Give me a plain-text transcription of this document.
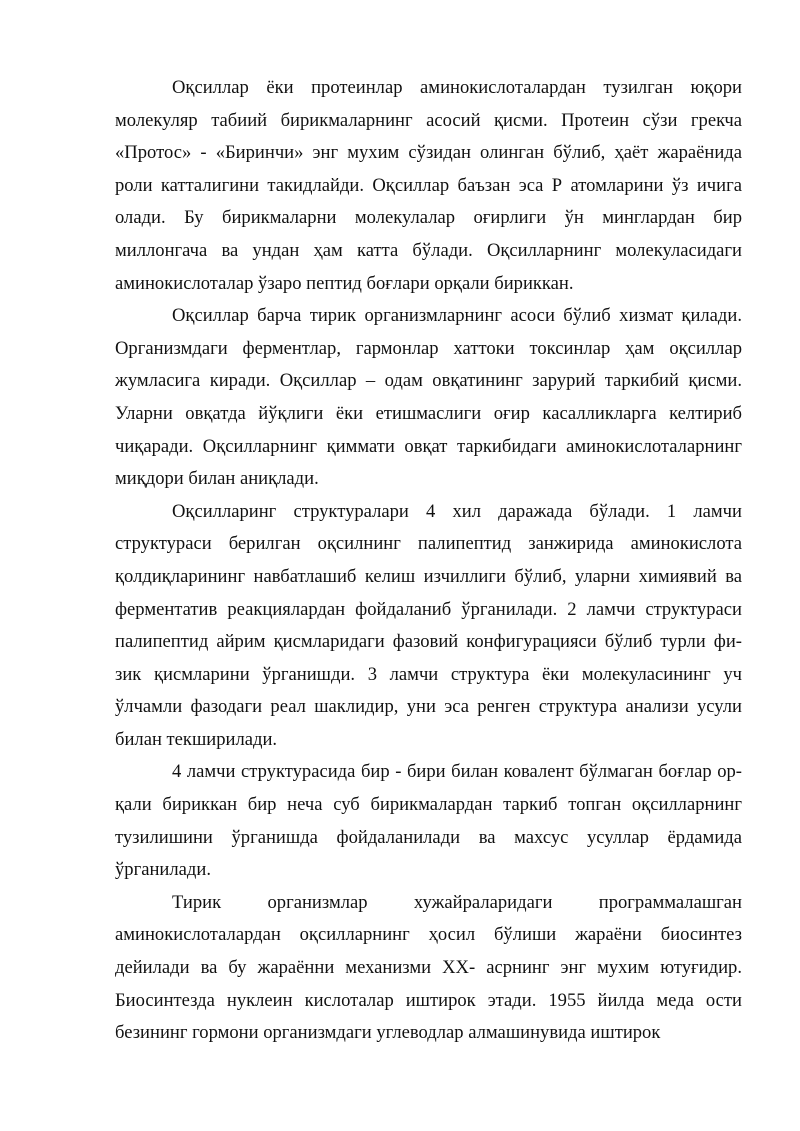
Оқсиллар ёки протеинлар аминокислоталардан тузилган юқори молекуляр табиий бирикмаларнинг асосий қисми. Протеин сўзи грекча «Протос» - «Биринчи» энг мухим сўзидан олинган бўлиб, ҳаёт жараёнида роли катталигини такидлайди. Оқсиллар баъзан эса Р атомларини ўз ичига олади. Бу бирикмаларни молекулалар оғирлиги ўн минглардан бир миллонгача ва ундан ҳам катта бўлади. Оқсилларнинг молекуласидаги аминокислоталар ўзаро пептид боғлари орқали бириккан.

Оқсиллар барча тирик организмларнинг асоси бўлиб хизмат қилади. Организмдаги ферментлар, гармонлар хаттоки токсинлар ҳам оқсиллар жумласига киради. Оқсиллар – одам овқатининг зарурий таркибий қисми. Уларни овқатда йўқлиги ёки етишмаслиги оғир касалликларга келтириб чиқаради. Оқсилларнинг қиммати овқат таркибидаги аминокислоталарнинг миқдори билан аниқлади.

Оқсилларинг структуралари 4 хил даражада бўлади. 1 ламчи структураси берилган оқсилнинг палипептид занжирида аминокислота қолдиқларининг навбатлашиб келиш изчиллиги бўлиб, уларни химиявий ва ферментатив реакциялардан фойдаланиб ўрганилади. 2 ламчи структураси палипептид айрим қисмларидаги фазовий конфигурацияси бўлиб турли фи-зик қисмларини ўрганишди. 3 ламчи структура ёки молекуласининг уч ўлчамли фазодаги реал шаклидир, уни эса ренген структура анализи усули билан текширилади.

4 ламчи структурасида бир - бири билан ковалент бўлмаган боғлар ор-қали бириккан бир неча суб бирикмалардан таркиб топган оқсилларнинг тузилишини ўрганишда фойдаланилади ва махсус усуллар ёрдамида ўрганилади.

Тирик организмлар хужайраларидаги программалашган аминокислоталардан оқсилларнинг ҳосил бўлиши жараёни биосинтез дейилади ва бу жараённи механизми XX- асрнинг энг мухим ютуғидир. Биосинтезда нуклеин кислоталар иштирок этади. 1955 йилда меда ости безининг гормони организмдаги углеводлар алмашинувида иштирок
